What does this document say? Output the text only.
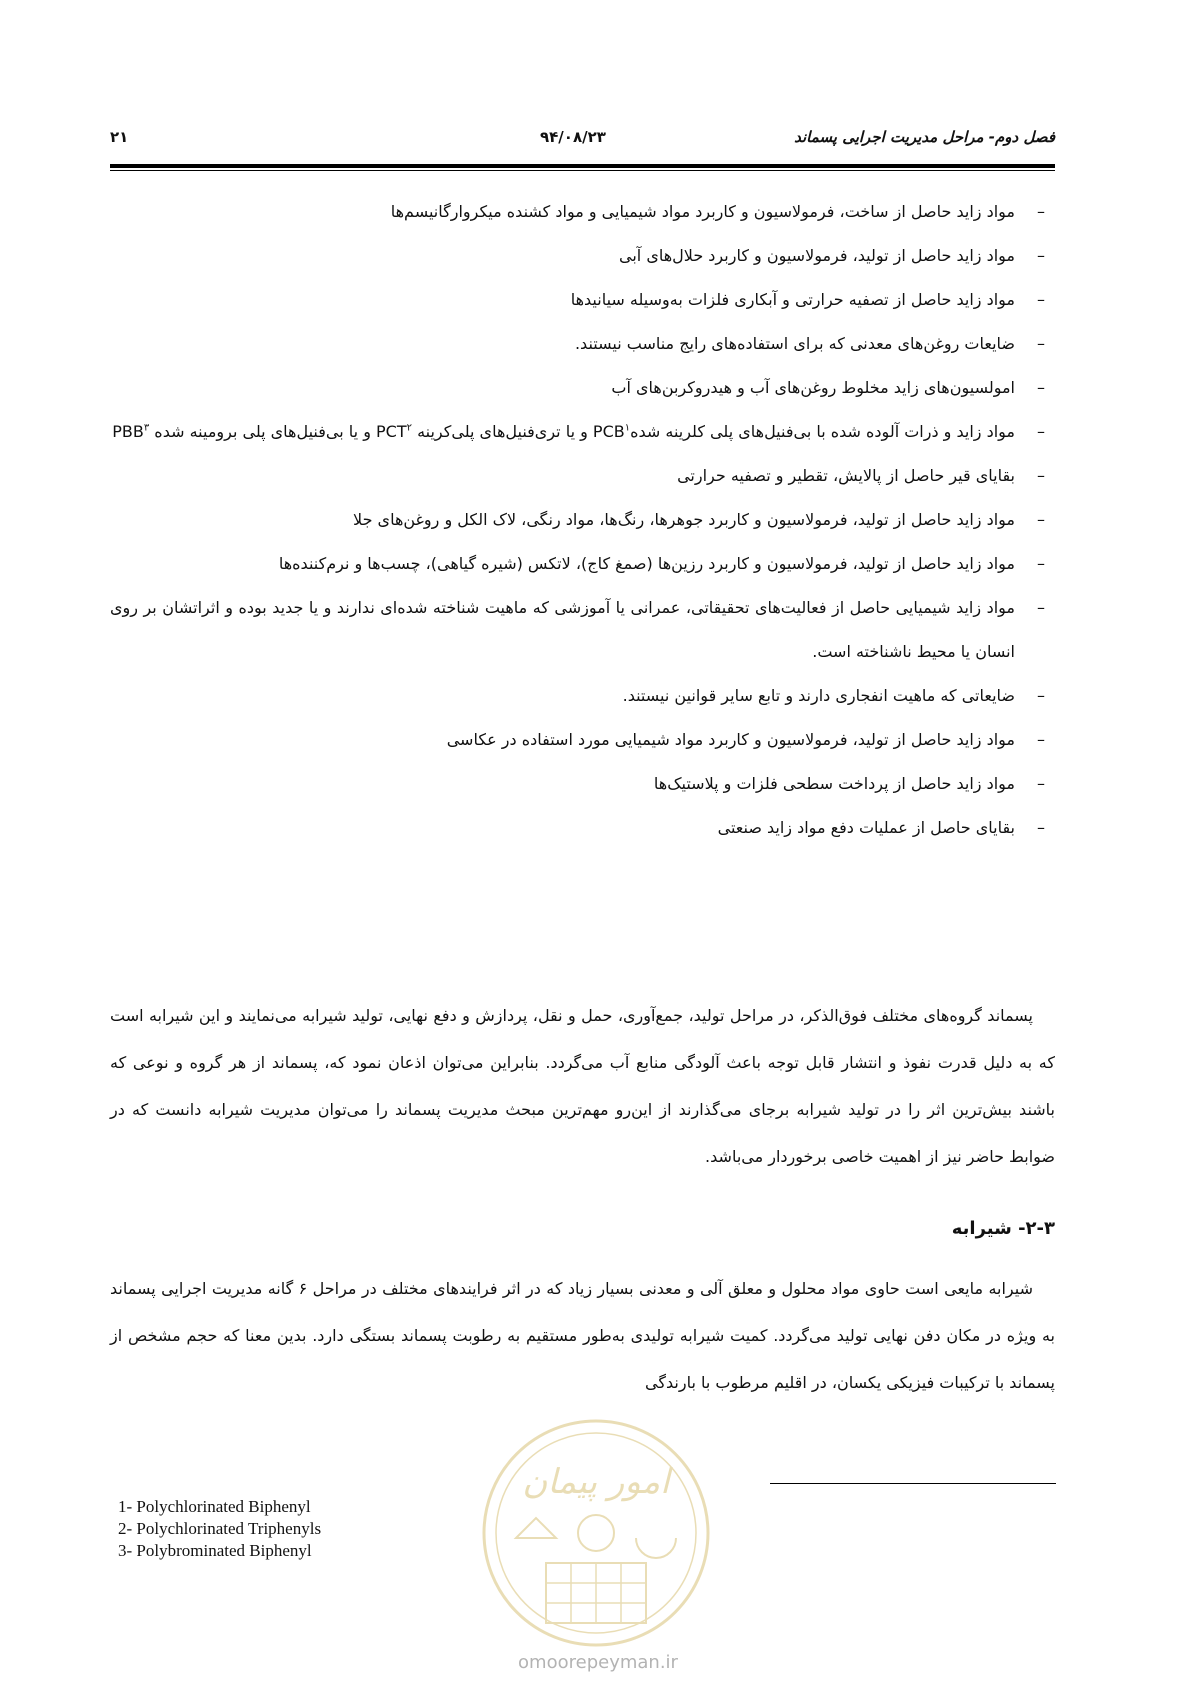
فصل دوم- مراحل مدیریت اجرایی پسماند
۹۴/۰۸/۲۳
۲۱
–
مواد زاید حاصل از ساخت، فرمولاسیون و کاربرد مواد شیمیایی و مواد کشنده میکروارگانیسم‌ها
–
مواد زاید حاصل از تولید، فرمولاسیون و کاربرد حلال‌های آبی
–
مواد زاید حاصل از تصفیه حرارتی و آبکاری فلزات به‌وسیله سیانیدها
–
ضایعات روغن‌های معدنی که برای استفاده‌های رایج مناسب نیستند.
–
امولسیون‌های زاید مخلوط روغن‌های آب و هیدروکربن‌های آب
–
مواد زاید و ذرات آلوده شده با بی‌فنیل‌های پلی کلرینه شدهPCB$^۱$ و یا تری‌فنیل‌های پلی‌کرینه PCT$^۲$ و یا بی‌فنیل‌های پلی برومینه شده PBB$^۳$
–
بقایای قیر حاصل از پالایش، تقطیر و تصفیه حرارتی
–
مواد زاید حاصل از تولید، فرمولاسیون و کاربرد جوهرها، رنگ‌ها، مواد رنگی، لاک الکل و روغن‌های جلا
–
مواد زاید حاصل از تولید، فرمولاسیون و کاربرد رزین‌ها (صمغ کاج)، لاتکس (شیره گیاهی)، چسب‌ها و نرم‌کننده‌ها
–
مواد زاید شیمیایی حاصل از فعالیت‌های تحقیقاتی، عمرانی یا آموزشی که ماهیت شناخته شده‌ای ندارند و یا جدید بوده و اثراتشان بر روی انسان یا محیط ناشناخته است.
–
ضایعاتی که ماهیت انفجاری دارند و تابع سایر قوانین نیستند.
–
مواد زاید حاصل از تولید، فرمولاسیون و کاربرد مواد شیمیایی مورد استفاده در عکاسی
–
مواد زاید حاصل از پرداخت سطحی فلزات و پلاستیک‌ها
–
بقایای حاصل از عملیات دفع مواد زاید صنعتی

پسماند گروه‌های مختلف فوق‌الذکر، در مراحل تولید، جمع‌آوری، حمل و نقل، پردازش و دفع نهایی، تولید شیرابه می‌نمایند و این شیرابه است که به دلیل قدرت نفوذ و انتشار قابل توجه باعث آلودگی منابع آب می‌گردد. بنابراین می‌توان اذعان نمود که، پسماند از هر گروه و نوعی که باشند بیش‌ترین اثر را در تولید شیرابه برجای می‌گذارند از این‌رو مهم‌ترین مبحث مدیریت پسماند را می‌توان مدیریت شیرابه دانست که در ضوابط حاضر نیز از اهمیت خاصی برخوردار می‌باشد.

۲-۳- شیرابه

شیرابه مایعی است حاوی مواد محلول و معلق آلی و معدنی بسیار زیاد که در اثر فرایندهای مختلف در مراحل ۶ گانه مدیریت اجرایی پسماند به ویژه در مکان دفن نهایی تولید می‌گردد. کمیت شیرابه تولیدی به‌طور مستقیم به رطوبت پسماند بستگی دارد. بدین معنا که حجم مشخص از پسماند با ترکیبات فیزیکی یکسان، در اقلیم مرطوب با بارندگی

امور پیمان
omoorepeyman.ir
1- Polychlorinated Biphenyl
2- Polychlorinated Triphenyls
3- Polybrominated Biphenyl
